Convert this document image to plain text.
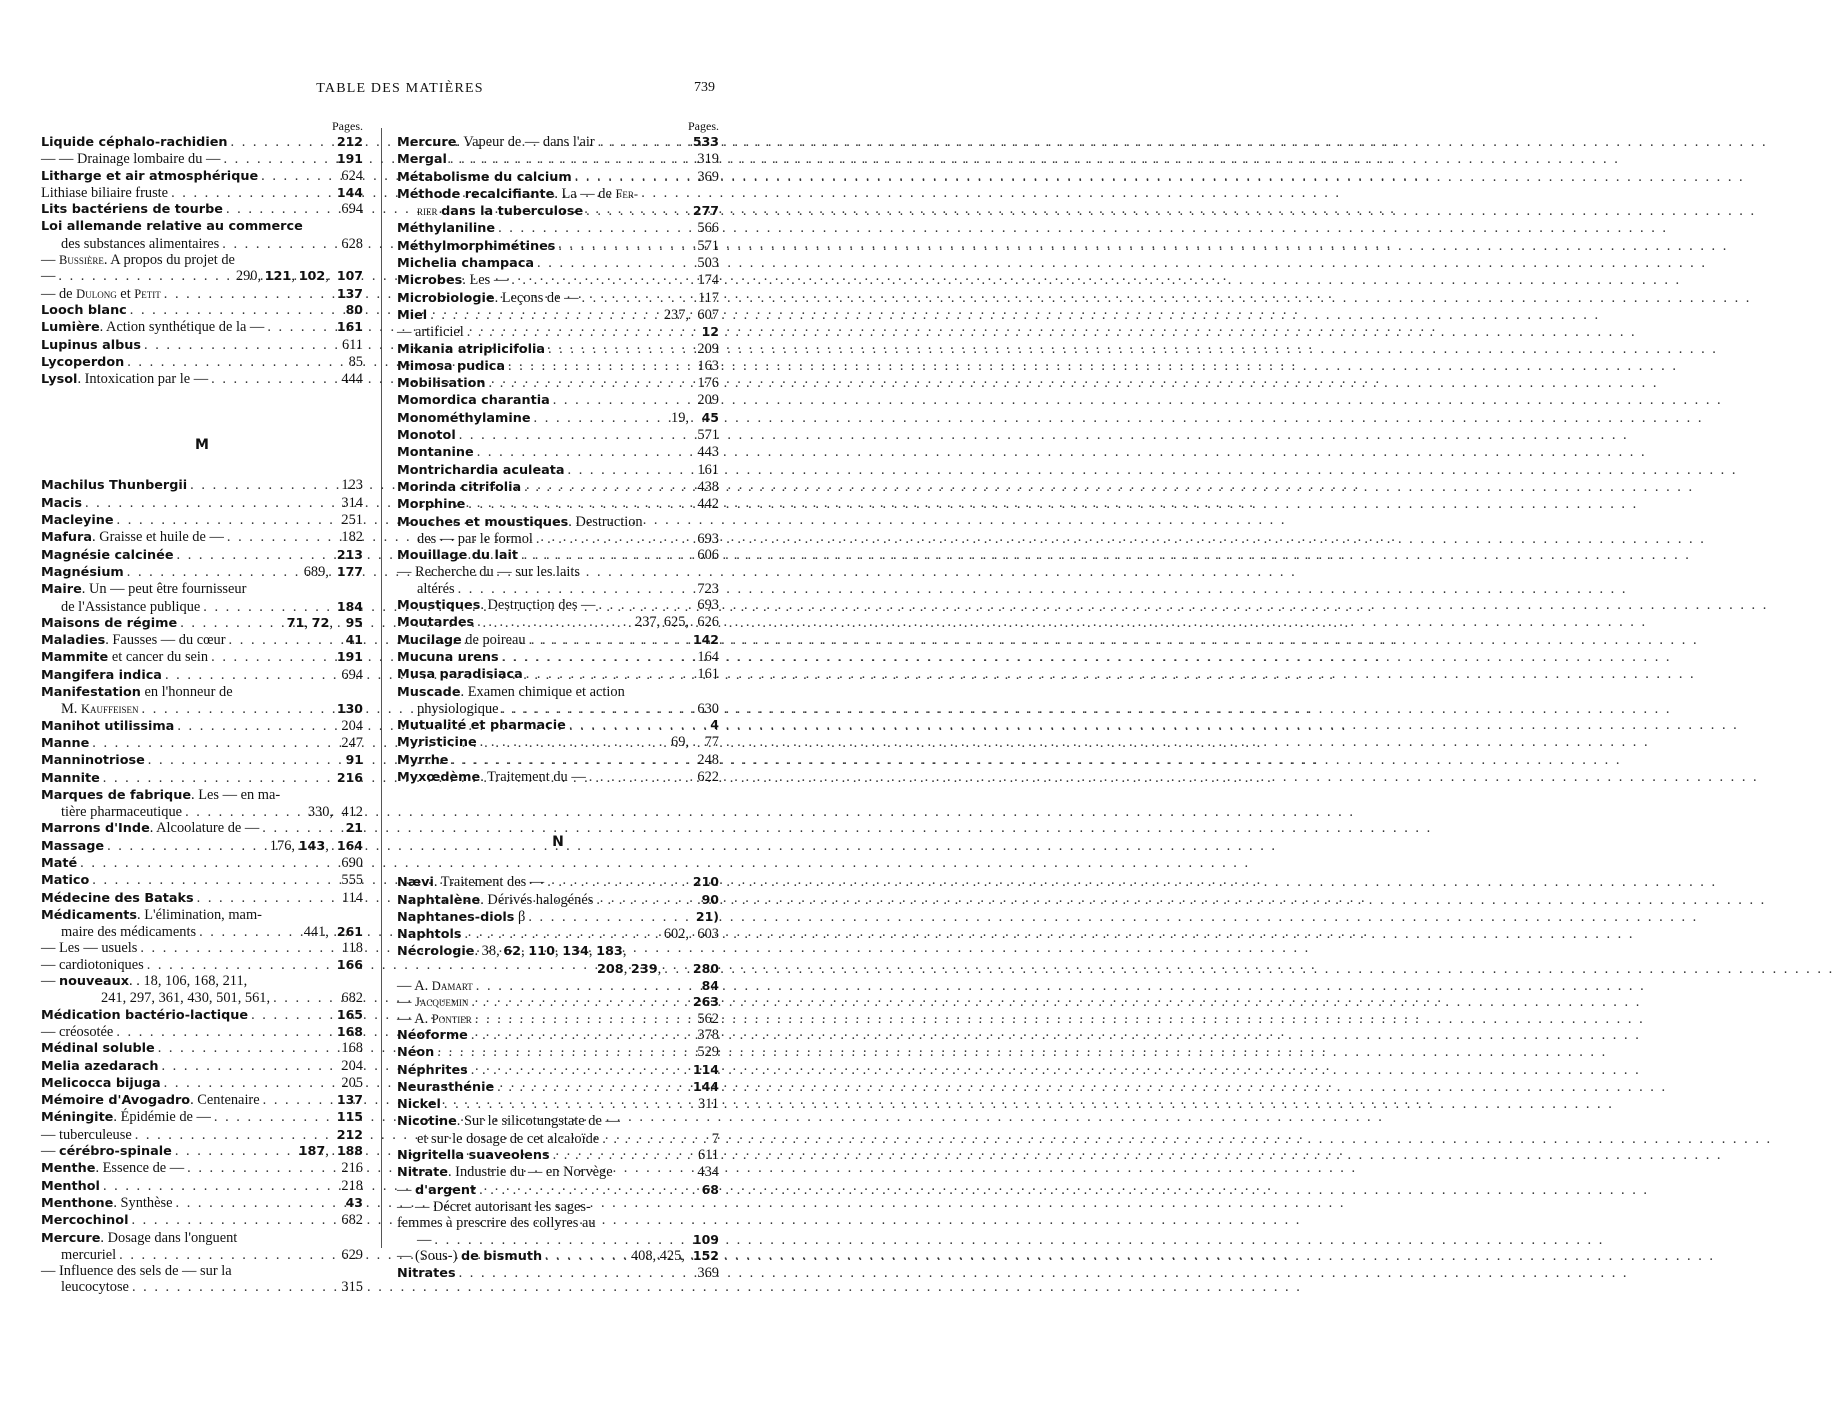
TABLE DES MATIÈRES	739
Pages.
Liquide céphalo-rachidien . . .	212
— — Drainage lombaire du — . . .	191
Litharge et air atmosphérique . . .	624
Lithiase biliaire fruste . . .	144
Lits bactériens de tourbe . . .	694
Loi allemande relative au commerce
des substances alimentaires . . .	628
— Bussière. A propos du projet de
— . . .	290, 121, 102, 107
— de Dulong et Petit . . .	137
Looch blanc . . .	80
Lumière. Action synthétique de la — . . .	161
Lupinus albus . . .	611
Lycoperdon . . .	85
Lysol. Intoxication par le — . . .	444
M
Machilus Thunbergii . . .	123
Macis . . .	314
Macleyine . . .	251
Mafura. Graisse et huile de — . . .	182
Magnésie calcinée . . .	213
Magnésium . . .	689, 177
Maire. Un — peut être fournisseur
de l'Assistance publique . . .	184
Maisons de régime . . .	71, 72,	95
Maladies. Fausses — du cœur . . .	41
Mammite et cancer du sein . . .	191
Mangifera indica . . .	694
Manifestation en l'honneur de
M. Kauffeisen . . .	130
Manihot utilissima . . .	204
Manne . . .	247
Manninotriose . . .	91
Mannite . . .	216
Marques de fabrique. Les — en ma-
tière pharmaceutique . . .	330, 412
Marrons d'Inde. Alcoolature de — . . .	21
Massage . . .	176, 143, 164
Maté . . .	690
Matico . . .	555
Médecine des Bataks . . .	114
Médicaments. L'élimination, mam-
maire des médicaments . . .	441, 261
— Les — usuels . . .	118
— cardiotoniques . . .	166
— nouveaux. . 18, 106, 168, 211,
241, 297, 361, 430, 501, 561, . . .	682
Médication bactério-lactique . . .	165
— créosotée . . .	168
Médinal soluble . . .	168
Melia azedarach . . .	204
Melicocca bijuga . . .	205
Mémoire d'Avogadro. Centenaire . . .	137
Méningite. Épidémie de — . . .	115
— tuberculeuse . . .	212
— cérébro-spinale . . .	187, 188
Menthe. Essence de — . . .	216
Menthol . . .	218
Menthone. Synthèse . . .	43
Mercochinol . . .	682
Mercure. Dosage dans l'onguent
mercuriel . . .	629
— Influence des sels de — sur la
leucocytose . . .	315
Pages.
Mercure. Vapeur de — dans l'air . . .	533
Mergal . . .	319
Métabolisme du calcium . . .	369
Méthode recalcifiante. La — de Fer-
rier dans la tuberculose . . .	277
Méthylaniline . . .	566
Méthylmorphimétines . . .	571
Michelia champaca . . .	503
Microbes. Les — . . .	174
Microbiologie. Leçons de — . . .	117
Miel . . .	237, 607
— artificiel . . .	12
Mikania atriplicifolia . . .	209
Mimosa pudica . . .	163
Mobilisation . . .	176
Momordica charantia . . .	209
Monométhylamine . . .	19,	45
Monotol . . .	571
Montanine . . .	443
Montrichardia aculeata . . .	161
Morinda citrifolia . . .	438
Morphine . . .	442
Mouches et moustiques. Destruction
des — par le formol . . .	693
Mouillage du lait . . .	606
— Recherche du — sur les laits
altérés . . .	723
Moustiques. Destruction des — . . .	693
Moutardes . . .	237, 625, 626
Mucilage de poireau . . .	142
Mucuna urens . . .	164
Musa paradisiaca . . .	161
Muscade. Examen chimique et action
physiologique . . .	630
Mutualité et pharmacie . . .	4
Myristicine . . .	69,	77
Myrrhe . . .	248
Myxœdème. Traitement du — . . .	622
N
Nævi. Traitement des — . . .	210
Naphtalène. Dérivés halogénés . . .	90
Naphtanes-diols β . . .	21)
Naphtols . . .	602, 603
Nécrologie. 38, 62, 110, 134, 183,
208, 239, . . .	280
— A. Damart . . .	84
— Jacquemin . . .	263
— A. Pontier . . .	562
Néoforme . . .	378
Néon . . .	529
Néphrites . . .	114
Neurasthénie . . .	144
Nickel . . .	311
Nicotine. Sur le silicotungstate de —
et sur le dosage de cet alcaloïde . . .	7
Nigritella suaveolens . . .	611
Nitrate. Industrie du — en Norvège	434
— d'argent . . .	68
— — Décret autorisant les sages-
femmes à prescrire des collyres au
— . . .	109
— (Sous-) de bismuth . . .	408, 425, 152
Nitrates . . .	369
